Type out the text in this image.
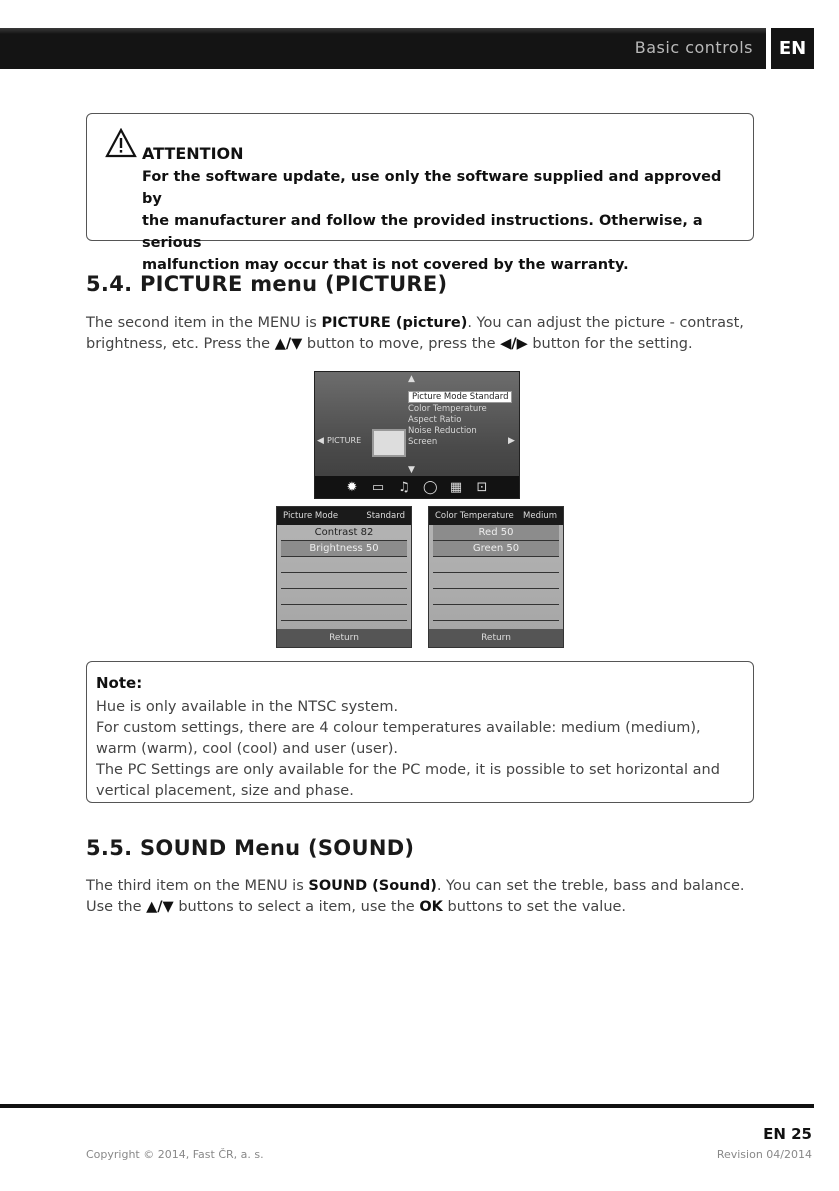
Basic controls	EN
ATTENTION
For the software update, use only the software supplied and approved by
the manufacturer and follow the provided instructions. Otherwise, a serious
malfunction may occur that is not covered by the warranty.
5.4. PICTURE menu (PICTURE)
The second item in the MENU is PICTURE (picture). You can adjust the picture - contrast, brightness, etc. Press the ▲/▼ button to move, press the ◀/▶ button for the setting.
▲
Picture Mode Standard
Color Temperature
Aspect Ratio
Noise Reduction
Screen
◀ PICTURE	▶
▼
✹ ▭ ♫ ◯ ▦ ⊡
Picture Mode	Standard
Contrast 82
Brightness 50
Return
Color Temperature Medium
Red 50
Green 50
Return
Note:
Hue is only available in the NTSC system.
For custom settings, there are 4 colour temperatures available: medium (medium),
warm (warm), cool (cool) and user (user).
The PC Settings are only available for the PC mode, it is possible to set horizontal and
vertical placement, size and phase.
5.5. SOUND Menu (SOUND)
The third item on the MENU is SOUND (Sound). You can set the treble, bass and balance. Use the ▲/▼ buttons to select a item, use the OK buttons to set the value.
EN 25
Copyright © 2014, Fast ČR, a. s.	Revision 04/2014
